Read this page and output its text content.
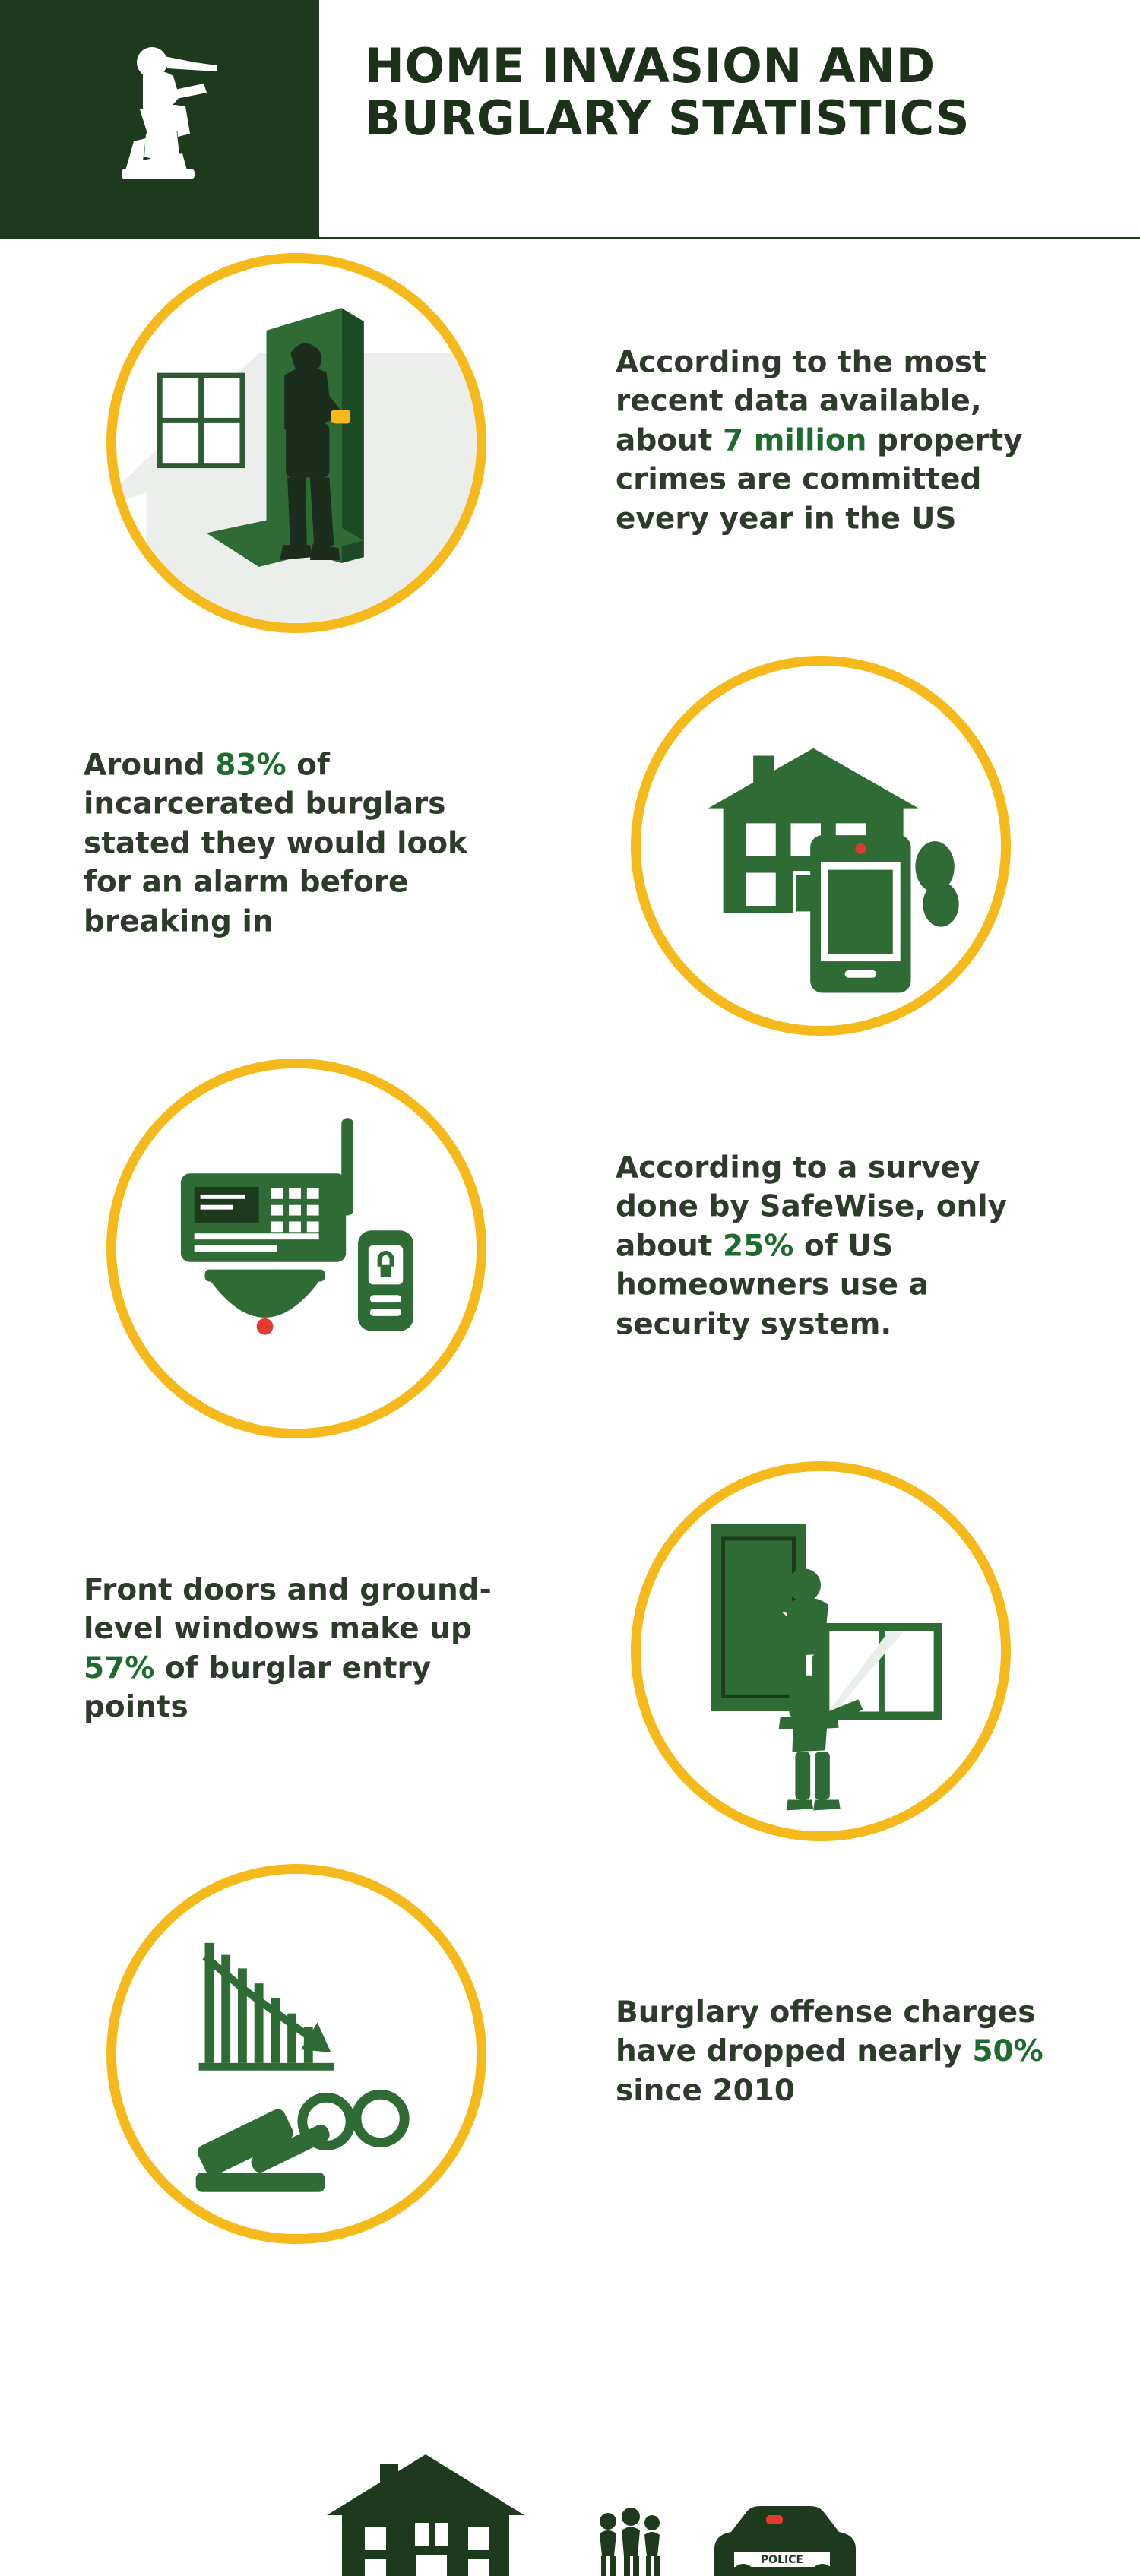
HOME INVASION AND
BURGLARY STATISTICS
According to the most recent data available, about 7 million property crimes are committed every year in the US
Around 83% of incarcerated burglars stated they would look for an alarm before breaking in
According to a survey done by SafeWise, only about 25% of US homeowners use a security system.
Front doors and ground-level windows make up 57% of burglar entry points
Burglary offense charges have dropped nearly 50% since 2010
POLICE
